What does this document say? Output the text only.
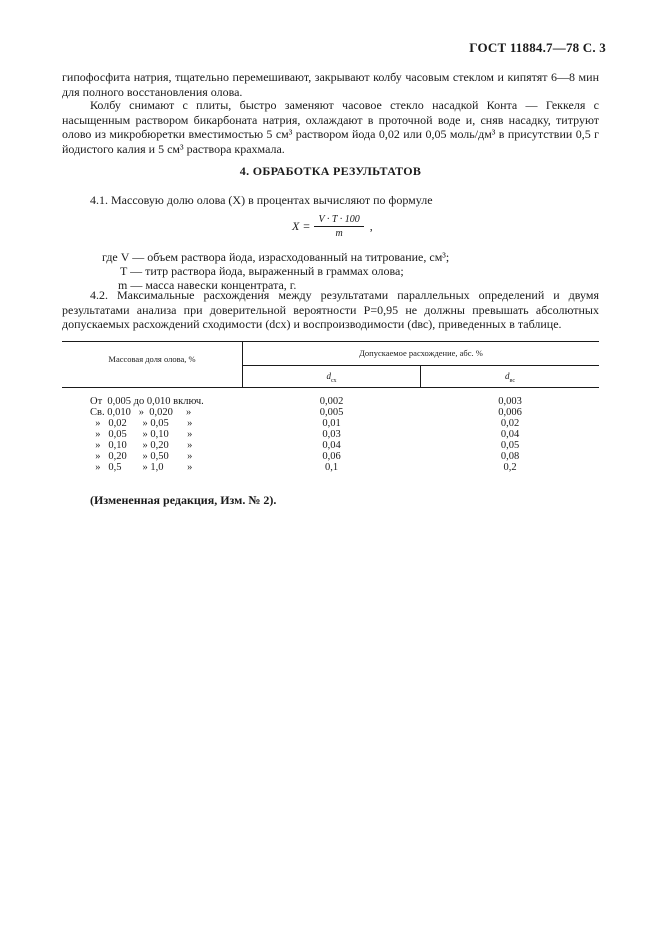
ГОСТ 11884.7—78 С. 3
гипофосфита натрия, тщательно перемешивают, закрывают колбу часовым стеклом и кипятят 6—8 мин для полного восстановления олова.
Колбу снимают с плиты, быстро заменяют часовое стекло насадкой Конта — Геккеля с насыщенным раствором бикарбоната натрия, охлаждают в проточной воде и, сняв насадку, титруют олово из микробюретки вместимостью 5 см³ раствором йода 0,02 или 0,05 моль/дм³ в присутствии 0,5 г йодистого калия и 5 см³ раствора крахмала.
4. ОБРАБОТКА РЕЗУЛЬТАТОВ
4.1. Массовую долю олова (X) в процентах вычисляют по формуле
$X = \frac{V \cdot T \cdot 100}{m}$ ,
где V — объем раствора йода, израсходованный на титрование, см³;
T — титр раствора йода, выраженный в граммах олова;
m — масса навески концентрата, г.
4.2. Максимальные расхождения между результатами параллельных определений и двумя результатами анализа при доверительной вероятности P=0,95 не должны превышать абсолютных допускаемых расхождений сходимости (dсх) и воспроизводимости (dвс), приведенных в таблице.
Массовая доля олова, %
Допускаемое расхождение, абс. %
$d_{сх}$	$d_{вс}$
От  0,005 до 0,010 включ.	0,002	0,003
Св. 0,010   »  0,020     »	0,005	0,006
»   0,02      » 0,05       »	0,01	0,02
»   0,05      » 0,10       »	0,03	0,04
»   0,10      » 0,20       »	0,04	0,05
»   0,20      » 0,50       »	0,06	0,08
»   0,5        » 1,0         »	0,1	0,2
(Измененная редакция, Изм. № 2).
